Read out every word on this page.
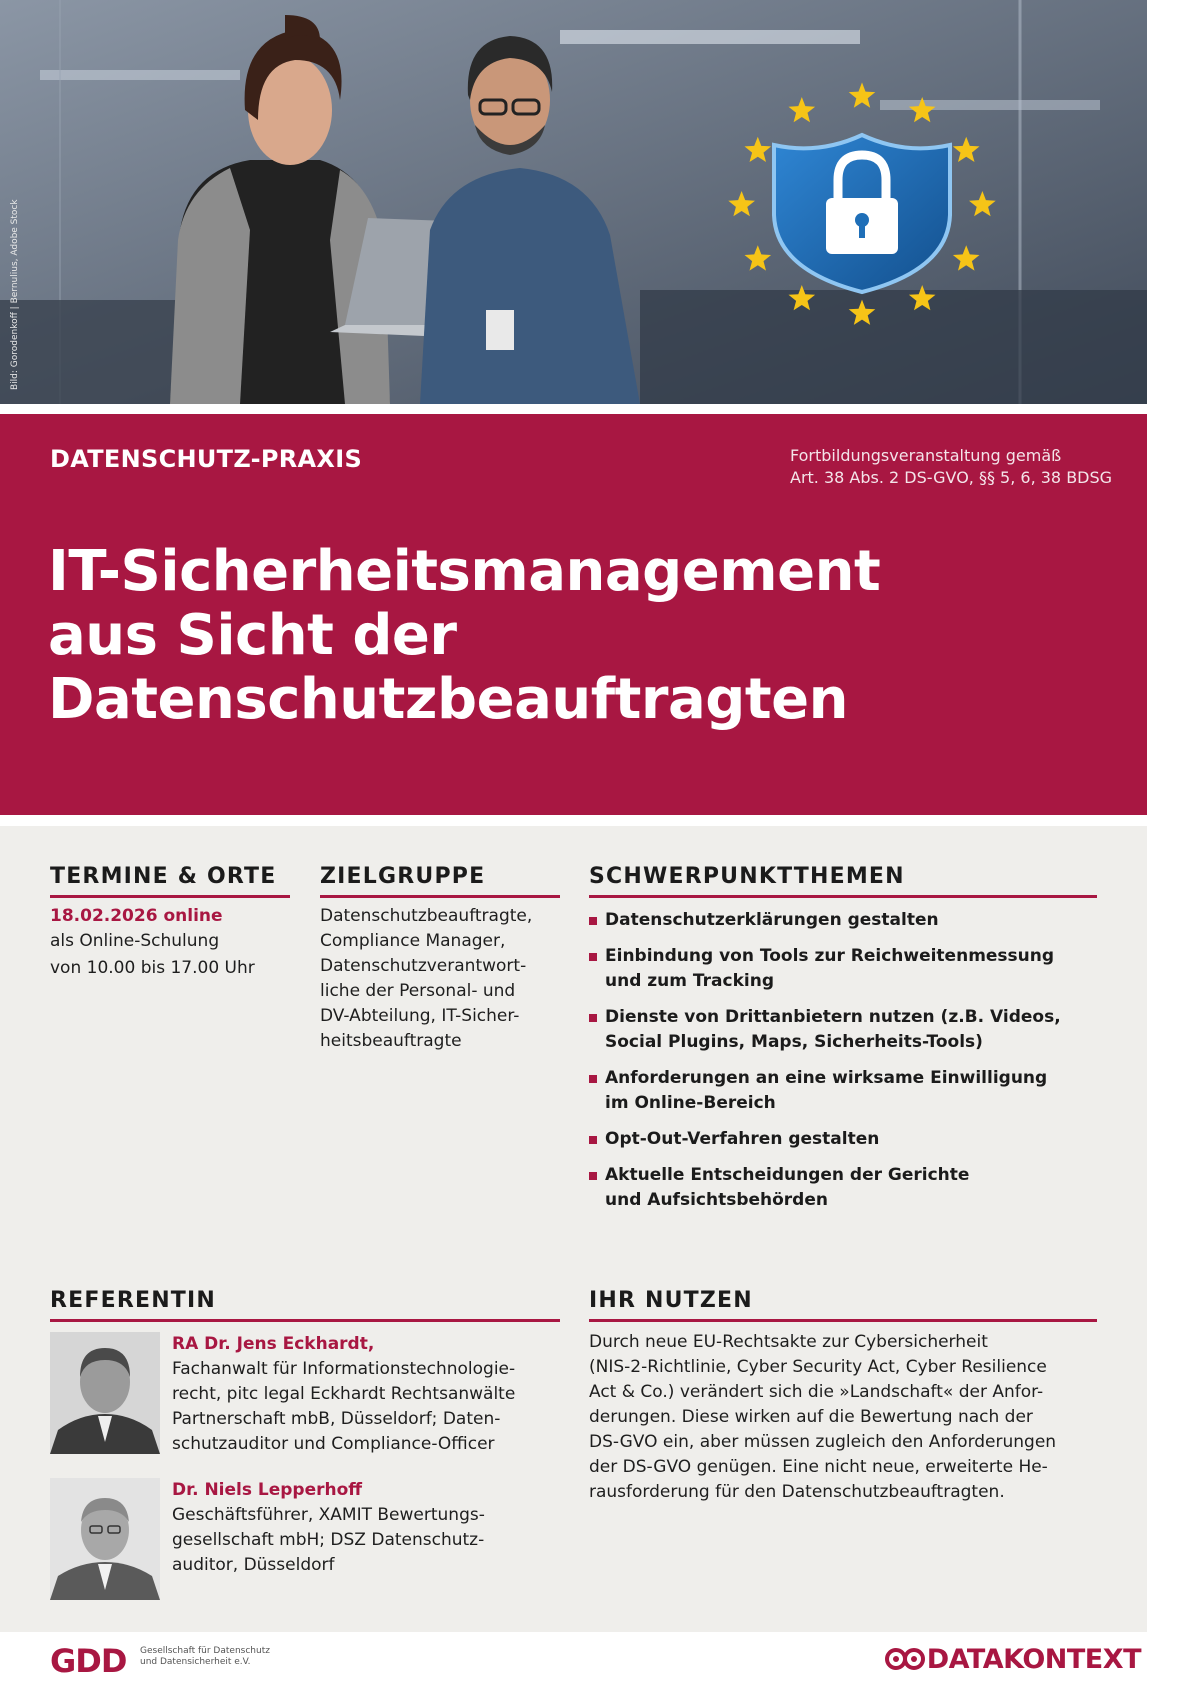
Bild: Gorodenkoff | Bernulius, Adobe Stock
DATENSCHUTZ-PRAXIS	Fortbildungsveranstaltung gemäß
Art. 38 Abs. 2 DS-GVO, §§ 5, 6, 38 BDSG
IT-Sicherheitsmanagement
aus Sicht der
Datenschutzbeauftragten
TERMINE & ORTE
18.02.2026 online
als Online-Schulung
von 10.00 bis 17.00 Uhr
ZIELGRUPPE
Datenschutzbeauftragte,
Compliance Manager,
Datenschutzverantwort-
liche der Personal- und
DV-Abteilung, IT-Sicher-
heitsbeauftragte
SCHWERPUNKTTHEMEN
Datenschutzerklärungen gestalten
Einbindung von Tools zur Reichweitenmessung
und zum Tracking
Dienste von Drittanbietern nutzen (z.B. Videos,
Social Plugins, Maps, Sicherheits-Tools)
Anforderungen an eine wirksame Einwilligung
im Online-Bereich
Opt-Out-Verfahren gestalten
Aktuelle Entscheidungen der Gerichte
und Aufsichtsbehörden
REFERENTIN
RA Dr. Jens Eckhardt,
Fachanwalt für Informationstechnologie-
recht, pitc legal Eckhardt Rechtsanwälte
Partnerschaft mbB, Düsseldorf; Daten-
schutzauditor und Compliance-Officer
Dr. Niels Lepperhoff
Geschäftsführer, XAMIT Bewertungs-
gesellschaft mbH; DSZ Datenschutz-
auditor, Düsseldorf
IHR NUTZEN
Durch neue EU-Rechtsakte zur Cybersicherheit
(NIS-2-Richtlinie, Cyber Security Act, Cyber Resilience
Act & Co.) verändert sich die »Landschaft« der Anfor-
derungen. Diese wirken auf die Bewertung nach der
DS-GVO ein, aber müssen zugleich den Anforderungen
der DS-GVO genügen. Eine nicht neue, erweiterte He-
rausforderung für den Datenschutzbeauftragten.
GDD Gesellschaft für Datenschutz
und Datensicherheit e.V.	DATAKONTEXT
